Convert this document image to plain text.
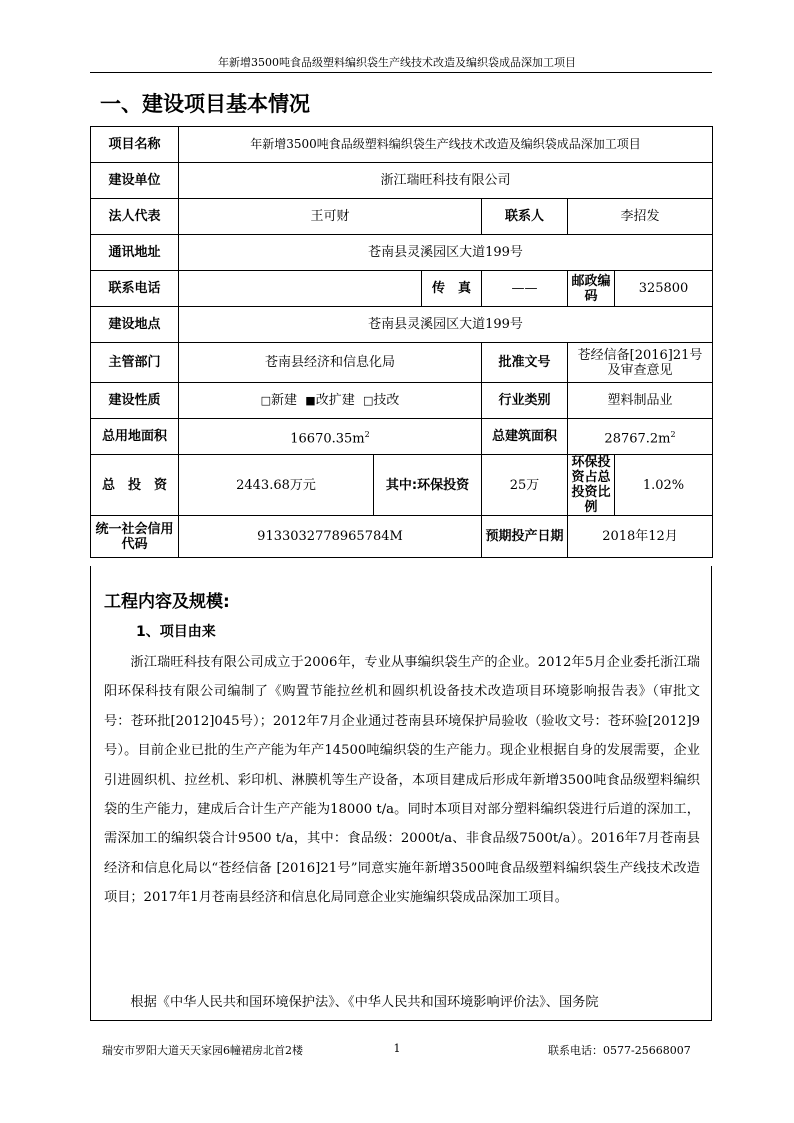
年新增3500吨食品级塑料编织袋生产线技术改造及编织袋成品深加工项目
一、建设项目基本情况
项目名称	年新增3500吨食品级塑料编织袋生产线技术改造及编织袋成品深加工项目					
建设单位	浙江瑞旺科技有限公司					
法人代表	王可财			联系人	李招发	
通讯地址	苍南县灵溪园区大道199号					
联系电话			传　真	——	邮政编码	325800
建设地点	苍南县灵溪园区大道199号					
主管部门	苍南县经济和信息化局			批准文号	苍经信备[2016]21号
及审查意见	

建设性质	□新建 ■改扩建 □技改			行业类别	塑料制品业	
总用地面积	$16670.35m^2$			总建筑面积	$28767.2m^2$
总　投　资	2443.68万元	其中:环保投资		25万	环保投资占总投资比例	1.02%
统一社会信用代码	9133032778965784M			预期投产日期	2018年12月	
工程内容及规模:
1、项目由来
浙江瑞旺科技有限公司成立于2006年，专业从事编织袋生产的企业。2012年5月企业委托浙江瑞阳环保科技有限公司编制了《购置节能拉丝机和圆织机设备技术改造项目环境影响报告表》（审批文号：苍环批[2012]045号）；2012年7月企业通过苍南县环境保护局验收（验收文号：苍环验[2012]9号）。目前企业已批的生产产能为年产14500吨编织袋的生产能力。现企业根据自身的发展需要，企业引进圆织机、拉丝机、彩印机、淋膜机等生产设备，本项目建成后形成年新增3500吨食品级塑料编织袋的生产能力，建成后合计生产产能为18000 t/a。同时本项目对部分塑料编织袋进行后道的深加工，需深加工的编织袋合计9500 t/a，其中：食品级：2000t/a、非食品级7500t/a）。2016年7月苍南县经济和信息化局以“苍经信备 [2016]21号”同意实施年新增3500吨食品级塑料编织袋生产线技术改造项目；2017年1月苍南县经济和信息化局同意企业实施编织袋成品深加工项目。
根据《中华人民共和国环境保护法》、《中华人民共和国环境影响评价法》、国务院
瑞安市罗阳大道天天家园6幢裙房北首2楼	1	联系电话：0577-25668007
